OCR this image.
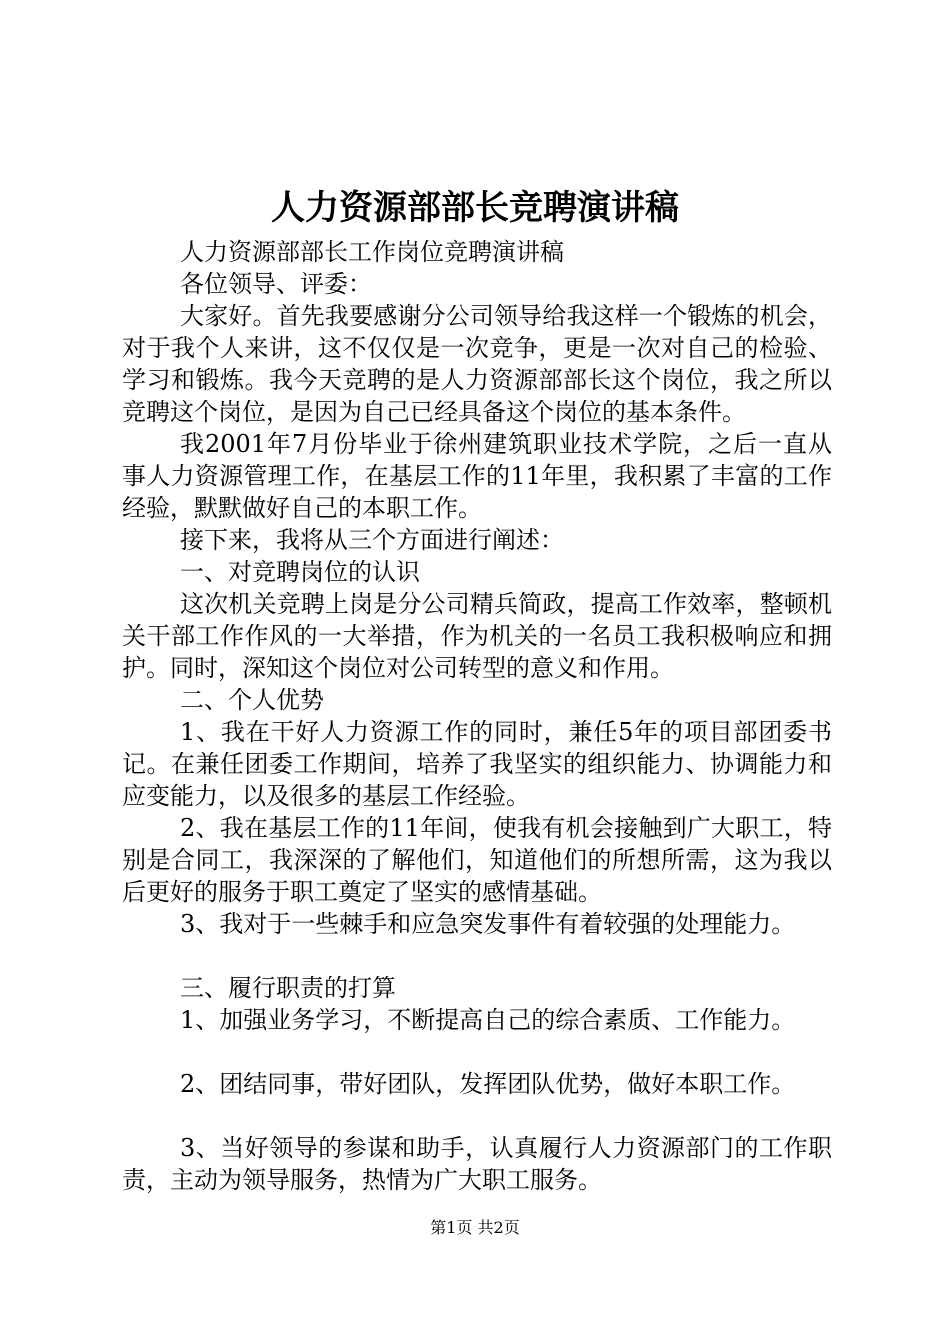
人力资源部部长竞聘演讲稿

人力资源部部长工作岗位竞聘演讲稿

各位领导、评委：

大家好。首先我要感谢分公司领导给我这样一个锻炼的机会，对于我个人来讲，这不仅仅是一次竞争，更是一次对自己的检验、学习和锻炼。我今天竞聘的是人力资源部部长这个岗位，我之所以竞聘这个岗位，是因为自己已经具备这个岗位的基本条件。

我2001年7月份毕业于徐州建筑职业技术学院，之后一直从事人力资源管理工作，在基层工作的11年里，我积累了丰富的工作经验，默默做好自己的本职工作。

接下来，我将从三个方面进行阐述：

一、对竞聘岗位的认识

这次机关竞聘上岗是分公司精兵简政，提高工作效率，整顿机关干部工作作风的一大举措，作为机关的一名员工我积极响应和拥护。同时，深知这个岗位对公司转型的意义和作用。

二、个人优势

1、我在干好人力资源工作的同时，兼任5年的项目部团委书记。在兼任团委工作期间，培养了我坚实的组织能力、协调能力和应变能力，以及很多的基层工作经验。

2、我在基层工作的11年间，使我有机会接触到广大职工，特别是合同工，我深深的了解他们，知道他们的所想所需，这为我以后更好的服务于职工奠定了坚实的感情基础。

3、我对于一些棘手和应急突发事件有着较强的处理能力。

三、履行职责的打算

1、加强业务学习，不断提高自己的综合素质、工作能力。

2、团结同事，带好团队，发挥团队优势，做好本职工作。

3、当好领导的参谋和助手，认真履行人力资源部门的工作职责，主动为领导服务，热情为广大职工服务。

第1页 共2页
